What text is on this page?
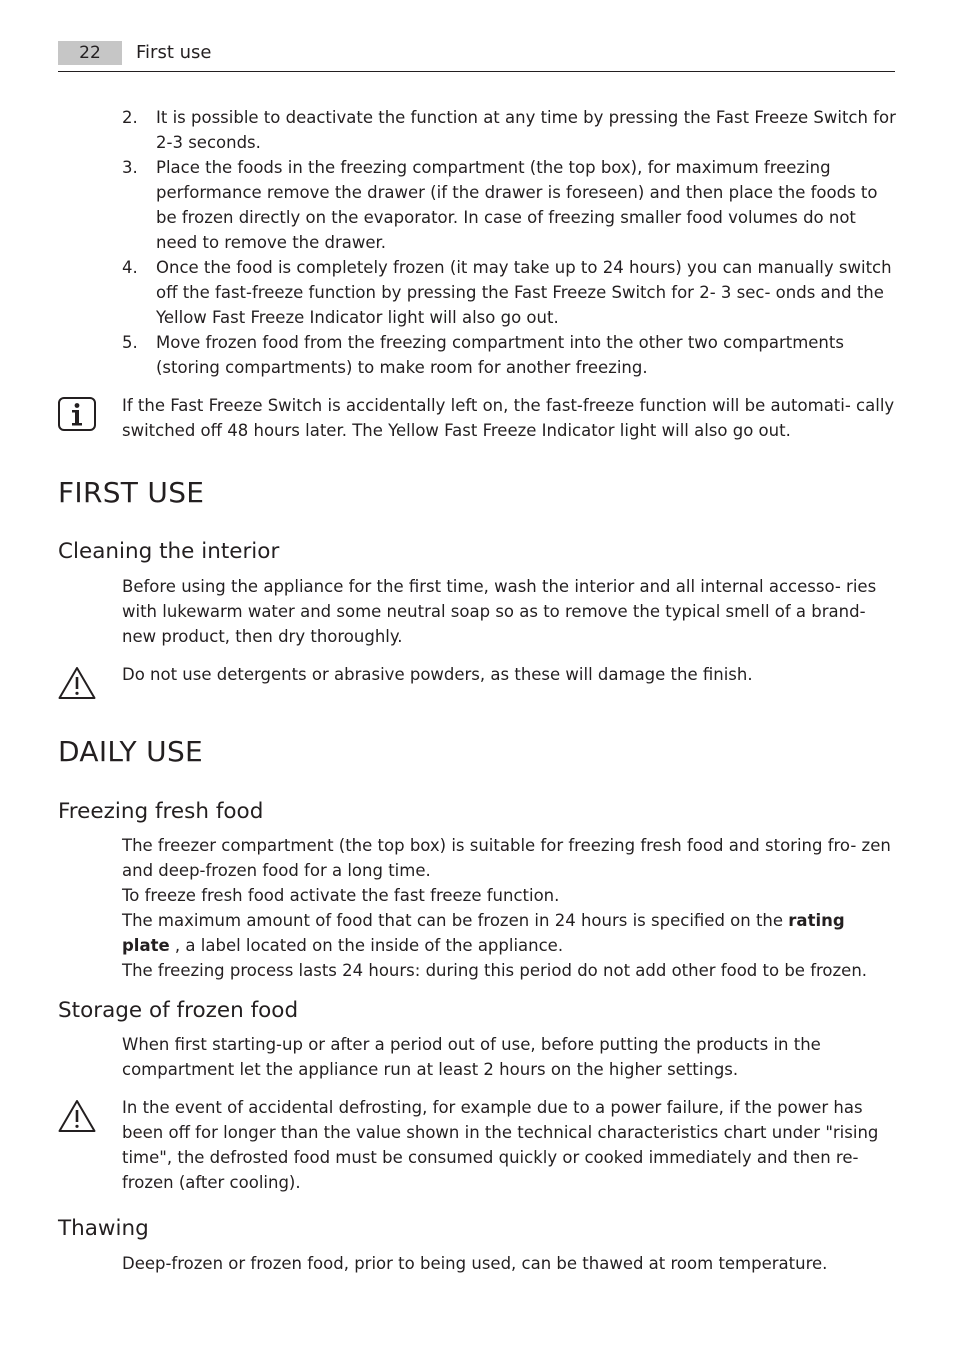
22	First use
2. It is possible to deactivate the function at any time by pressing the Fast Freeze Switch for 2-3 seconds.
3. Place the foods in the freezing compartment (the top box), for maximum freezing performance remove the drawer (if the drawer is foreseen) and then place the foods to be frozen directly on the evaporator. In case of freezing smaller food volumes do not need to remove the drawer.
4. Once the food is completely frozen (it may take up to 24 hours) you can manually switch off the fast-freeze function by pressing the Fast Freeze Switch for 2- 3 sec- onds and the Yellow Fast Freeze Indicator light will also go out.
5. Move frozen food from the freezing compartment into the other two compartments (storing compartments) to make room for another freezing.
If the Fast Freeze Switch is accidentally left on, the fast-freeze function will be automati- cally switched off 48 hours later. The Yellow Fast Freeze Indicator light will also go out.
FIRST USE
Cleaning the interior
Before using the appliance for the first time, wash the interior and all internal accesso- ries with lukewarm water and some neutral soap so as to remove the typical smell of a brand-new product, then dry thoroughly.
Do not use detergents or abrasive powders, as these will damage the finish.
DAILY USE
Freezing fresh food

The freezer compartment (the top box) is suitable for freezing fresh food and storing fro- zen and deep-frozen food for a long time.

To freeze fresh food activate the fast freeze function.

The maximum amount of food that can be frozen in 24 hours is specified on the rating plate , a label located on the inside of the appliance.

The freezing process lasts 24 hours: during this period do not add other food to be frozen.

Storage of frozen food
When first starting-up or after a period out of use, before putting the products in the compartment let the appliance run at least 2 hours on the higher settings.
In the event of accidental defrosting, for example due to a power failure, if the power has been off for longer than the value shown in the technical characteristics chart under "rising time", the defrosted food must be consumed quickly or cooked immediately and then re-frozen (after cooling).
Thawing
Deep-frozen or frozen food, prior to being used, can be thawed at room temperature.
